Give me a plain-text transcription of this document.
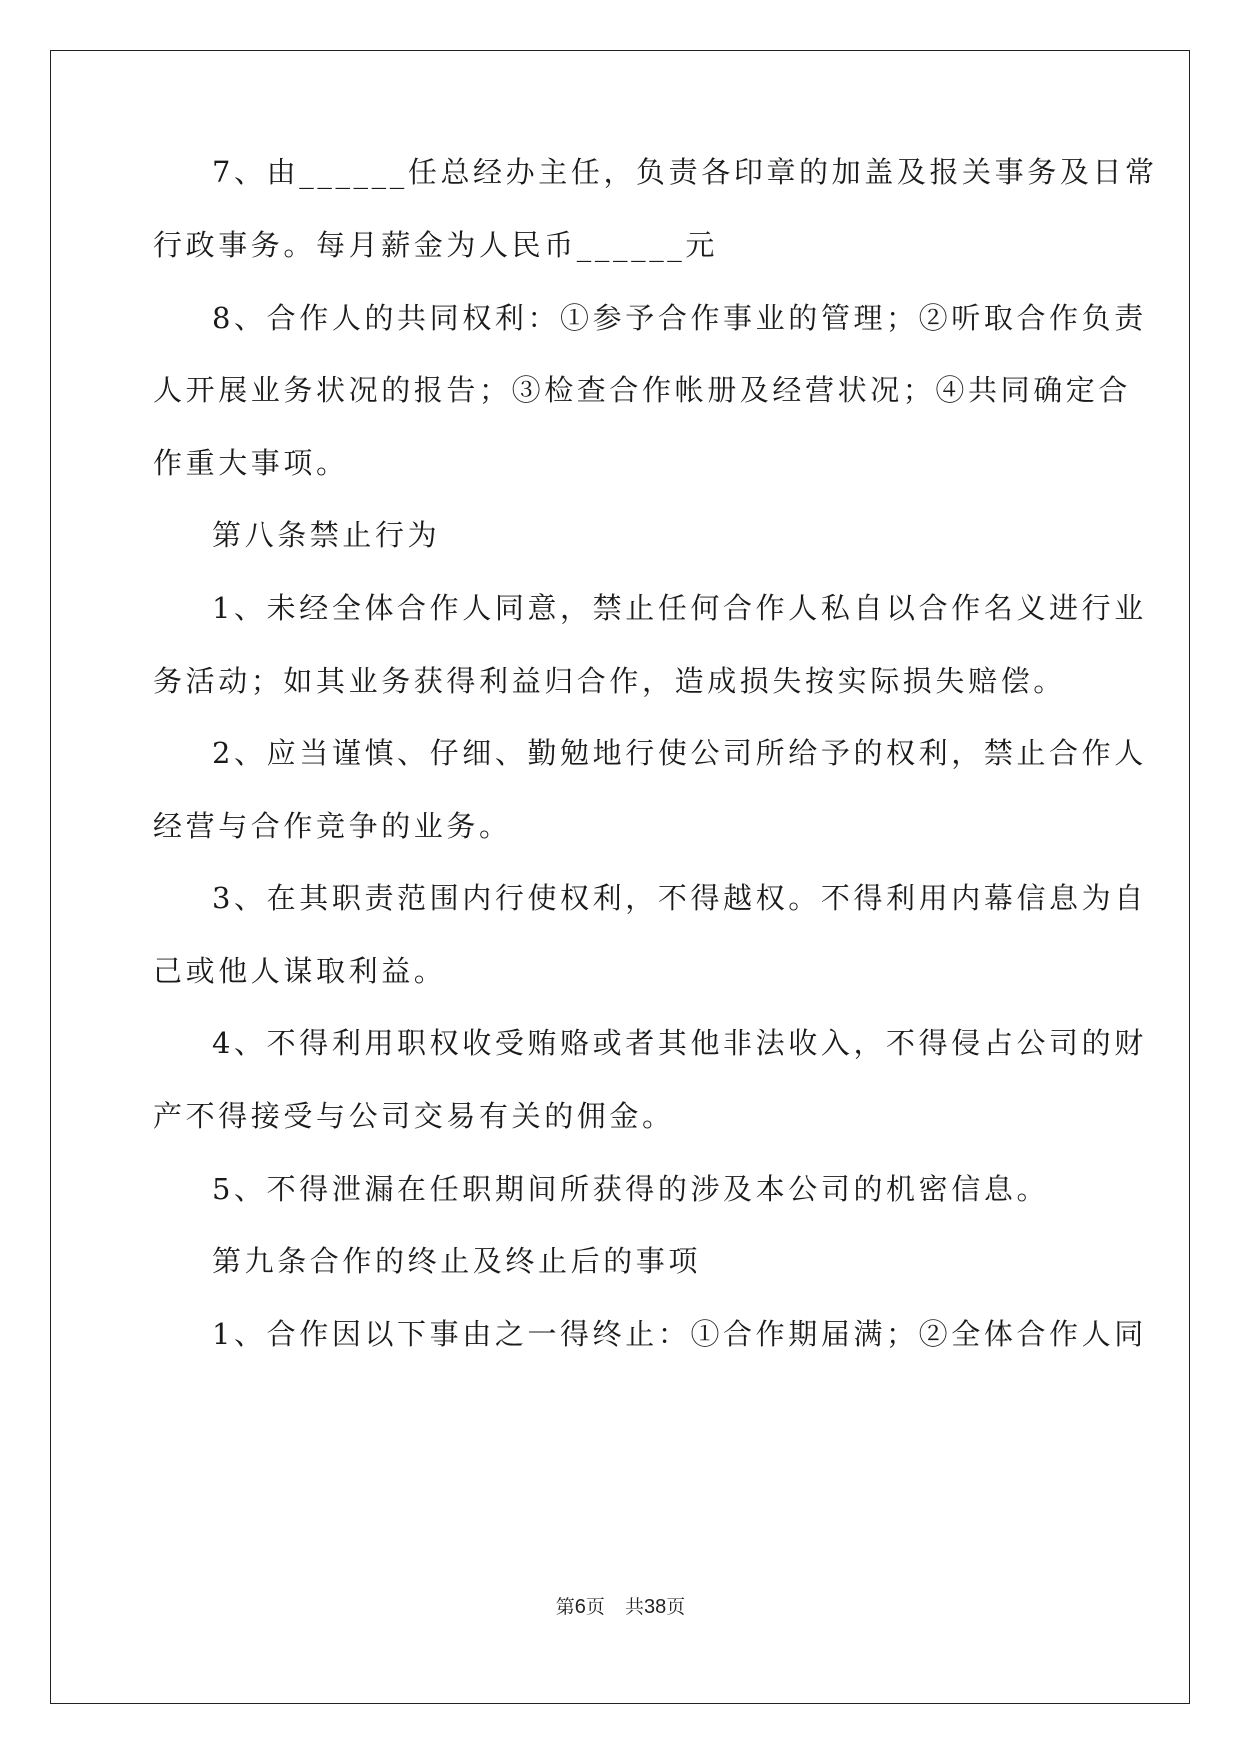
7、由______任总经办主任，负责各印章的加盖及报关事务及日常
行政事务。每月薪金为人民币______元
8、合作人的共同权利：①参予合作事业的管理；②听取合作负责
人开展业务状况的报告；③检查合作帐册及经营状况；④共同确定合
作重大事项。
第八条禁止行为
1、未经全体合作人同意，禁止任何合作人私自以合作名义进行业
务活动；如其业务获得利益归合作，造成损失按实际损失赔偿。
2、应当谨慎、仔细、勤勉地行使公司所给予的权利，禁止合作人
经营与合作竞争的业务。
3、在其职责范围内行使权利，不得越权。不得利用内幕信息为自
己或他人谋取利益。
4、不得利用职权收受贿赂或者其他非法收入，不得侵占公司的财
产不得接受与公司交易有关的佣金。
5、不得泄漏在任职期间所获得的涉及本公司的机密信息。
第九条合作的终止及终止后的事项
1、合作因以下事由之一得终止：①合作期届满；②全体合作人同
第6页 共38页
